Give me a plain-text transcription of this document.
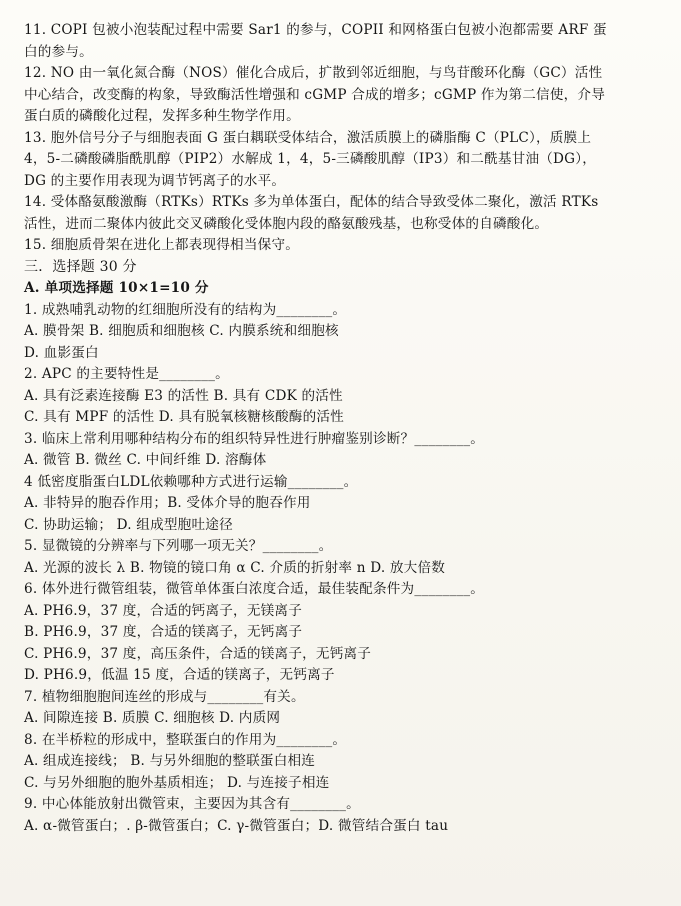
11. COPI 包被小泡装配过程中需要 Sar1 的参与，COPII 和网格蛋白包被小泡都需要 ARF 蛋
白的参与。
12. NO 由一氧化氮合酶（NOS）催化合成后，扩散到邻近细胞，与鸟苷酸环化酶（GC）活性
中心结合，改变酶的构象，导致酶活性增强和 cGMP 合成的增多；cGMP 作为第二信使，介导
蛋白质的磷酸化过程，发挥多种生物学作用。
13. 胞外信号分子与细胞表面 G 蛋白耦联受体结合，激活质膜上的磷脂酶 C（PLC），质膜上
4，5-二磷酸磷脂酰肌醇（PIP2）水解成 1，4，5-三磷酸肌醇（IP3）和二酰基甘油（DG），
DG 的主要作用表现为调节钙离子的水平。
14. 受体酪氨酸激酶（RTKs）RTKs 多为单体蛋白，配体的结合导致受体二聚化，激活 RTKs
活性，进而二聚体内彼此交叉磷酸化受体胞内段的酪氨酸残基，也称受体的自磷酸化。
15. 细胞质骨架在进化上都表现得相当保守。
三．选择题 30 分
A. 单项选择题 10×1=10 分
1. 成熟哺乳动物的红细胞所没有的结构为________。
A. 膜骨架 B. 细胞质和细胞核 C. 内膜系统和细胞核
D. 血影蛋白
2. APC 的主要特性是________。
A. 具有泛素连接酶 E3 的活性 B. 具有 CDK 的活性
C. 具有 MPF 的活性 D. 具有脱氧核糖核酸酶的活性
3. 临床上常利用哪种结构分布的组织特异性进行肿瘤鉴别诊断？________。
A. 微管 B. 微丝 C. 中间纤维 D. 溶酶体
4 低密度脂蛋白LDL依赖哪种方式进行运输________。
A. 非特异的胞吞作用；B. 受体介导的胞吞作用
C. 协助运输； D. 组成型胞吐途径
5. 显微镜的分辨率与下列哪一项无关？________。
A. 光源的波长 λ B. 物镜的镜口角 α C. 介质的折射率 n D. 放大倍数
6. 体外进行微管组装，微管单体蛋白浓度合适，最佳装配条件为________。
A. PH6.9，37 度，合适的钙离子，无镁离子
B. PH6.9，37 度，合适的镁离子，无钙离子
C. PH6.9，37 度，高压条件，合适的镁离子，无钙离子
D. PH6.9，低温 15 度，合适的镁离子，无钙离子
7. 植物细胞胞间连丝的形成与________有关。
A. 间隙连接 B. 质膜 C. 细胞核 D. 内质网
8. 在半桥粒的形成中，整联蛋白的作用为________。
A. 组成连接线； B. 与另外细胞的整联蛋白相连
C. 与另外细胞的胞外基质相连； D. 与连接子相连
9. 中心体能放射出微管束，主要因为其含有________。
A. α-微管蛋白；. β-微管蛋白；C. γ-微管蛋白；D. 微管结合蛋白 tau
